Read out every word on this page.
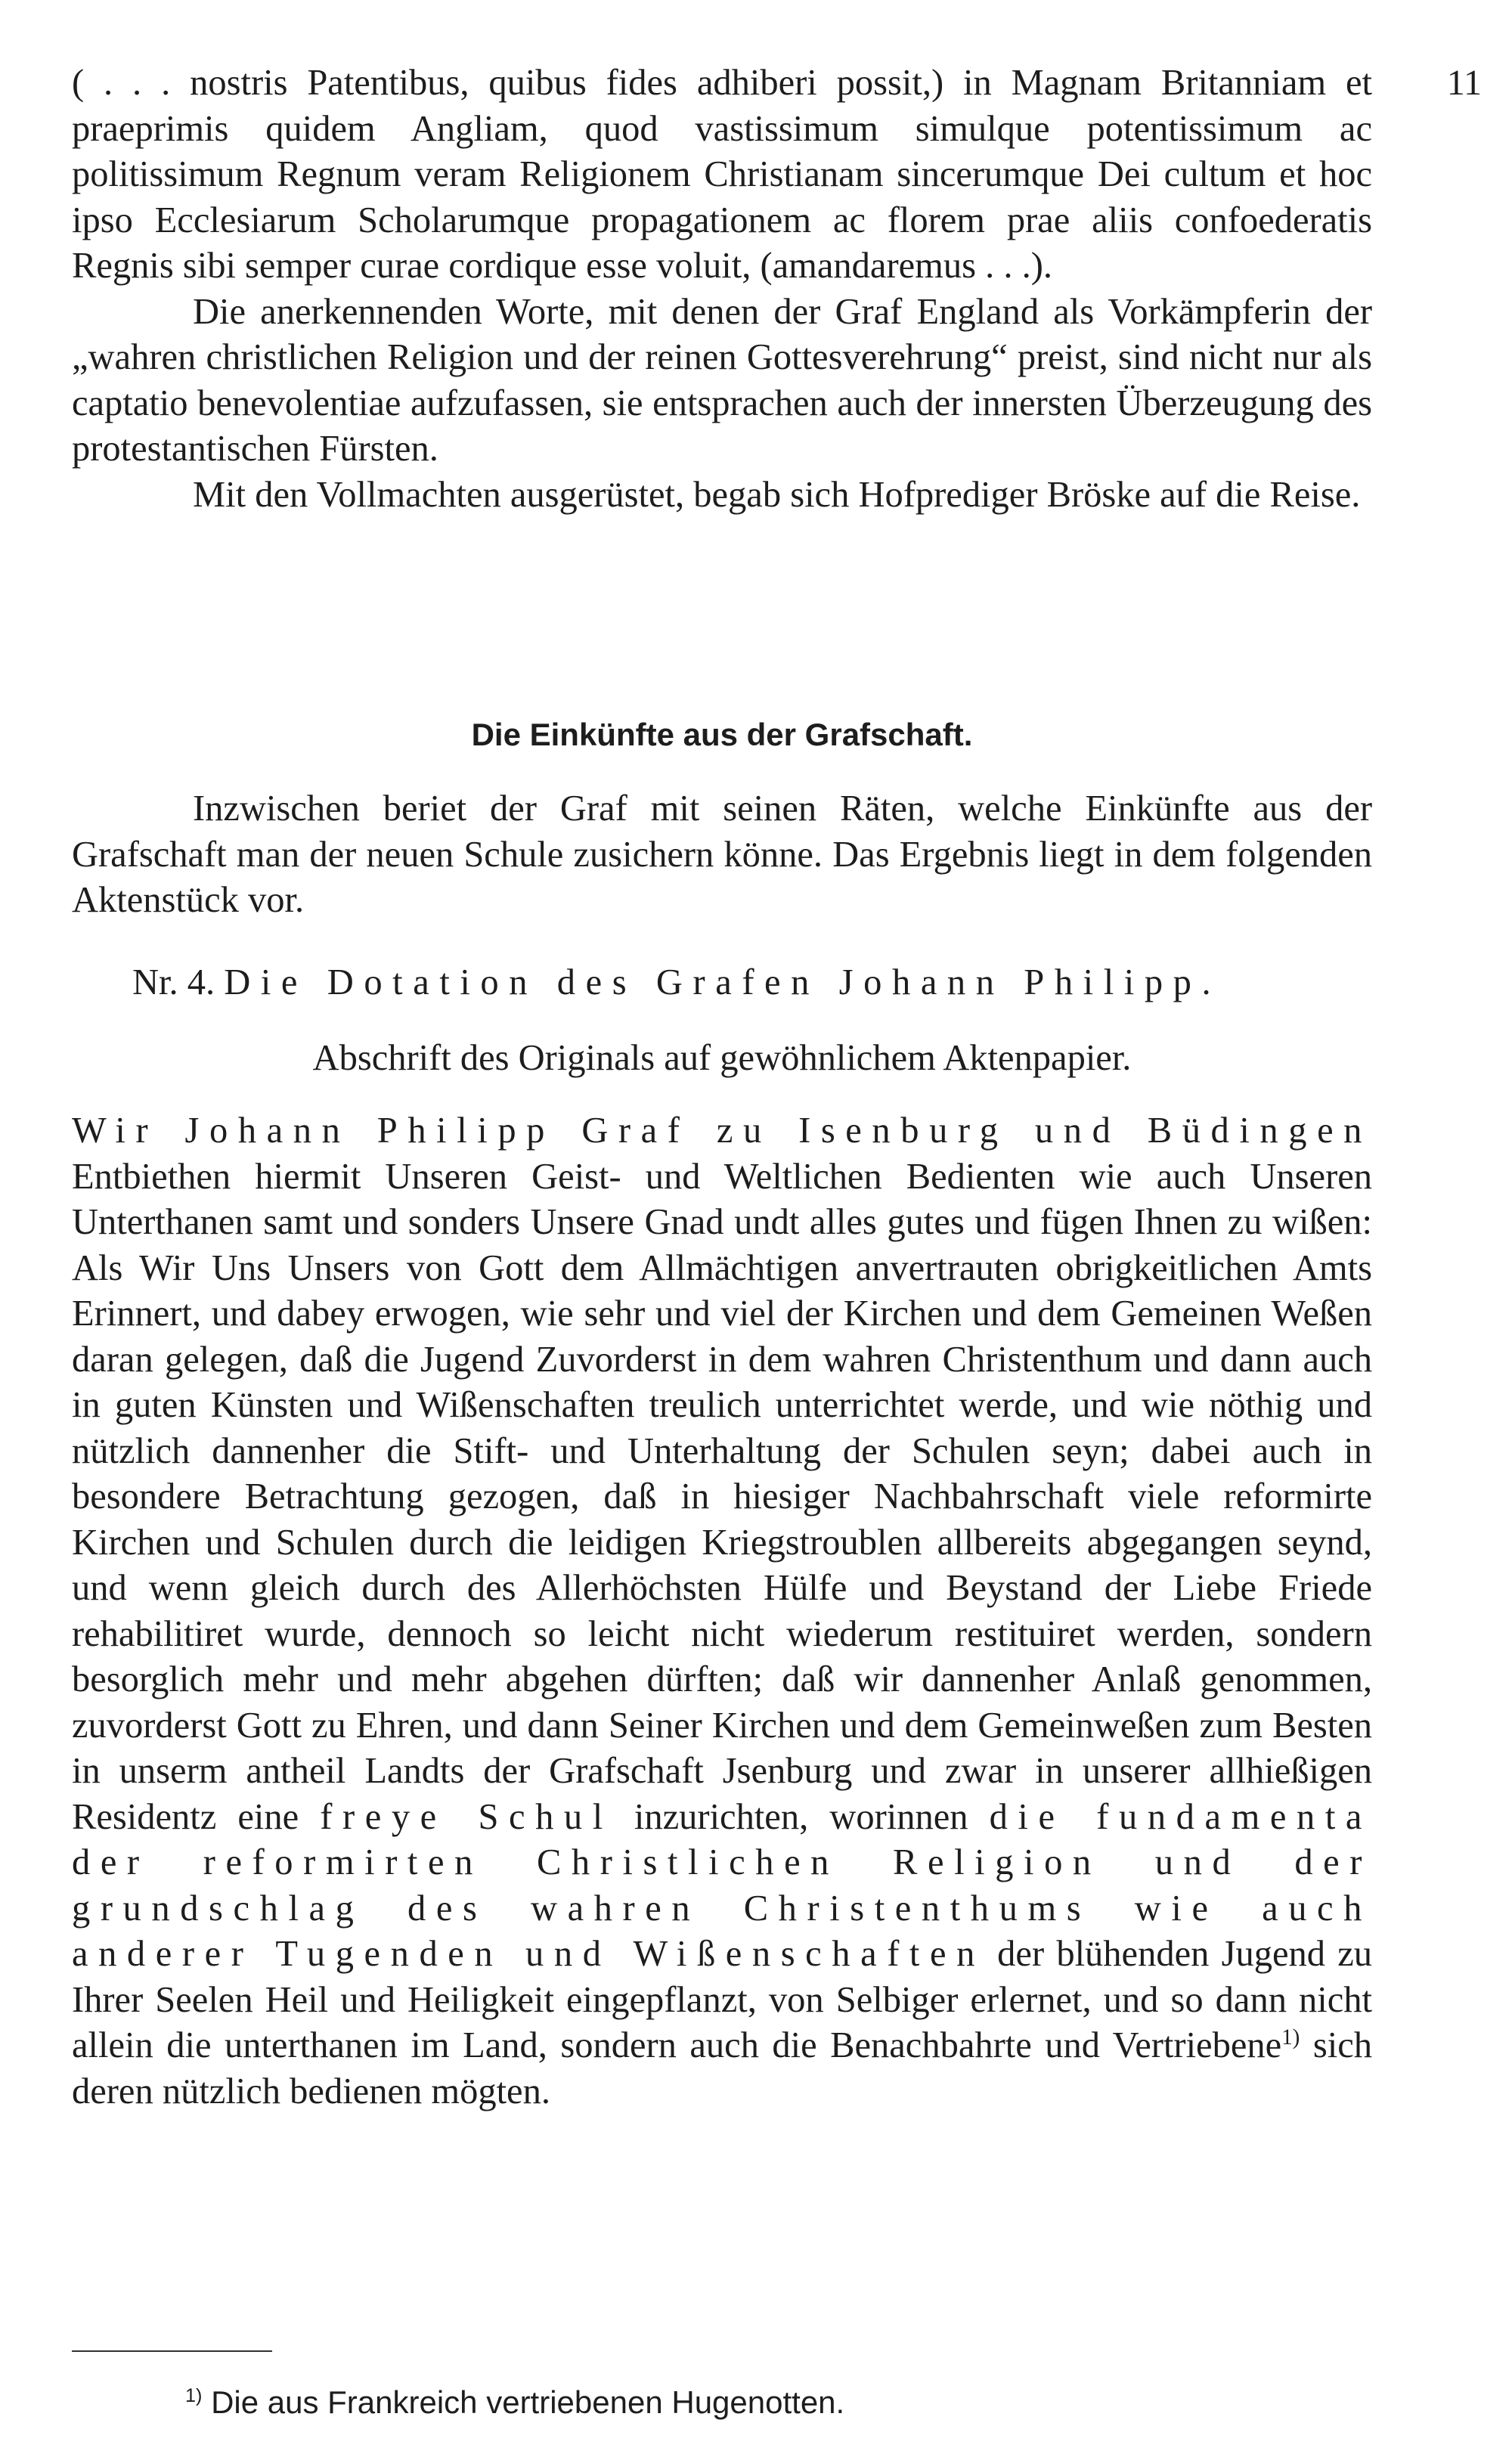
11

( . . . nostris Patentibus, quibus fides adhiberi possit,) in Magnam Britanniam et praeprimis quidem Angliam, quod vastissimum simulque potentissimum ac politissimum Regnum veram Religionem Christianam sincerumque Dei cultum et hoc ipso Ecclesiarum Scholarumque propagationem ac florem prae aliis confoederatis Regnis sibi semper curae cordique esse voluit, (amandaremus . . .).

Die anerkennenden Worte, mit denen der Graf England als Vorkämpferin der „wahren christlichen Religion und der reinen Gottesverehrung“ preist, sind nicht nur als captatio benevolentiae aufzufassen, sie entsprachen auch der innersten Überzeugung des protestantischen Fürsten.

Mit den Vollmachten ausgerüstet, begab sich Hofprediger Bröske auf die Reise.

Die Einkünfte aus der Grafschaft.

Inzwischen beriet der Graf mit seinen Räten, welche Einkünfte aus der Grafschaft man der neuen Schule zusichern könne. Das Ergebnis liegt in dem folgenden Aktenstück vor.

Nr. 4. Die Dotation des Grafen Johann Philipp.
Abschrift des Originals auf gewöhnlichem Aktenpapier.

Wir Johann Philipp Graf zu Isenburg und Büdingen Entbiethen hiermit Unseren Geist- und Weltlichen Bedienten wie auch Unseren Unterthanen samt und sonders Unsere Gnad undt alles gutes und fügen Ihnen zu wißen: Als Wir Uns Unsers von Gott dem Allmächtigen anvertrauten obrigkeitlichen Amts Erinnert, und dabey erwogen, wie sehr und viel der Kirchen und dem Gemeinen Weßen daran gelegen, daß die Jugend Zuvorderst in dem wahren Christenthum und dann auch in guten Künsten und Wißenschaften treulich unterrichtet werde, und wie nöthig und nützlich dannenher die Stift- und Unterhaltung der Schulen seyn; dabei auch in besondere Betrachtung gezogen, daß in hiesiger Nachbahrschaft viele reformirte Kirchen und Schulen durch die leidigen Kriegstroublen allbereits abgegangen seynd, und wenn gleich durch des Allerhöchsten Hülfe und Beystand der Liebe Friede rehabilitiret wurde, dennoch so leicht nicht wiederum restituiret werden, sondern besorglich mehr und mehr abgehen dürften; daß wir dannenher Anlaß genommen, zuvorderst Gott zu Ehren, und dann Seiner Kirchen und dem Gemeinweßen zum Besten in unserm antheil Landts der Grafschaft Jsenburg und zwar in unserer allhießigen Residentz eine freye Schul inzurichten, worinnen die fundamenta der reformirten Christlichen Religion und der grundschlag des wahren Christenthums wie auch anderer Tugenden und Wißenschaften der blühenden Jugend zu Ihrer Seelen Heil und Heiligkeit eingepflanzt, von Selbiger erlernet, und so dann nicht allein die unterthanen im Land, sondern auch die Benachbahrte und Vertriebene$^{1)}$ sich deren nützlich bedienen mögten.

$^{1)}$ Die aus Frankreich vertriebenen Hugenotten.
